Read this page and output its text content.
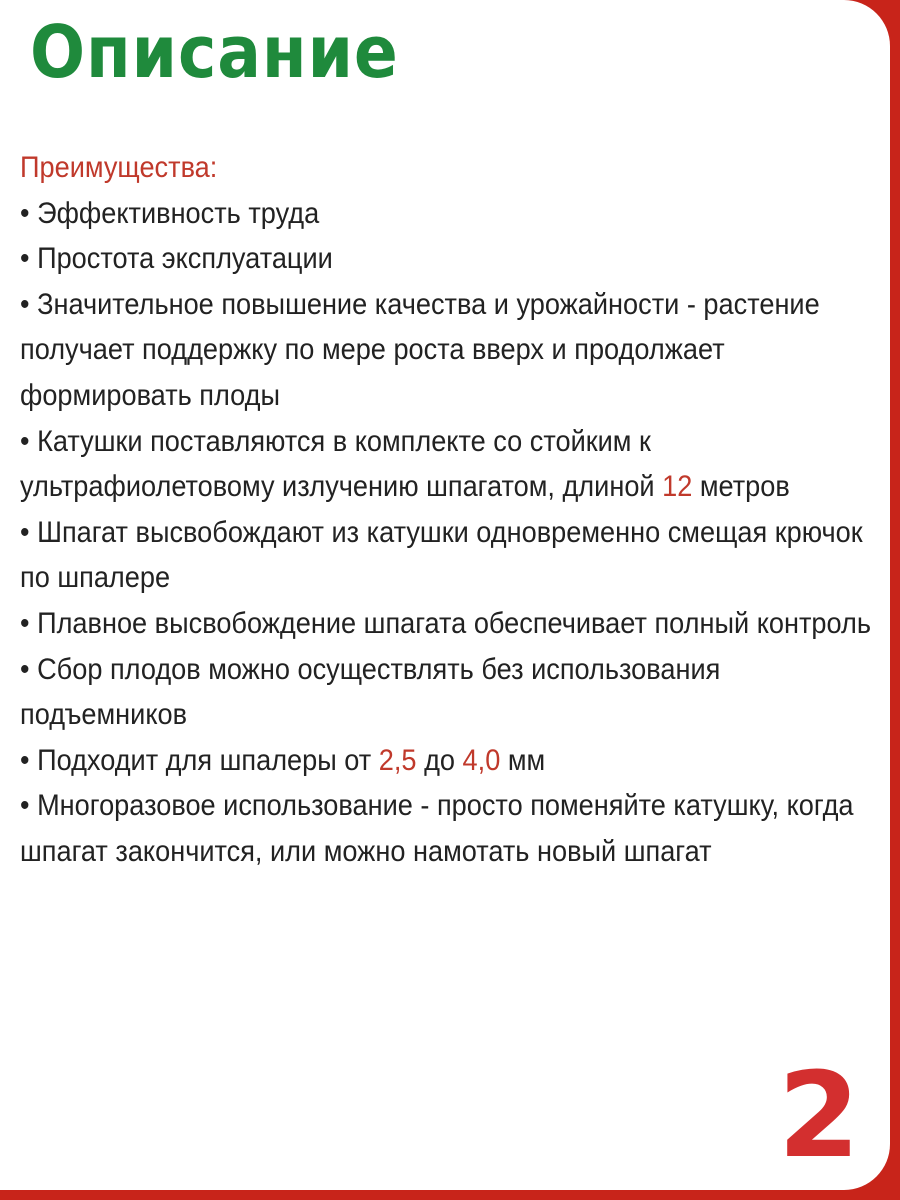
Описание
Преимущества:
• Эффективность труда
• Простота эксплуатации
• Значительное повышение качества и урожайности - растение получает поддержку по мере роста вверх и продолжает формировать плоды
• Катушки поставляются в комплекте со стойким к ультрафиолетовому излучению шпагатом, длиной 12 метров
• Шпагат высвобождают из катушки одновременно смещая крючок по шпалере
• Плавное высвобождение шпагата обеспечивает полный контроль
• Сбор плодов можно осуществлять без использования подъемников
• Подходит для шпалеры от 2,5 до 4,0 мм
• Многоразовое использование - просто поменяйте катушку, когда шпагат закончится, или можно намотать новый шпагат
2
